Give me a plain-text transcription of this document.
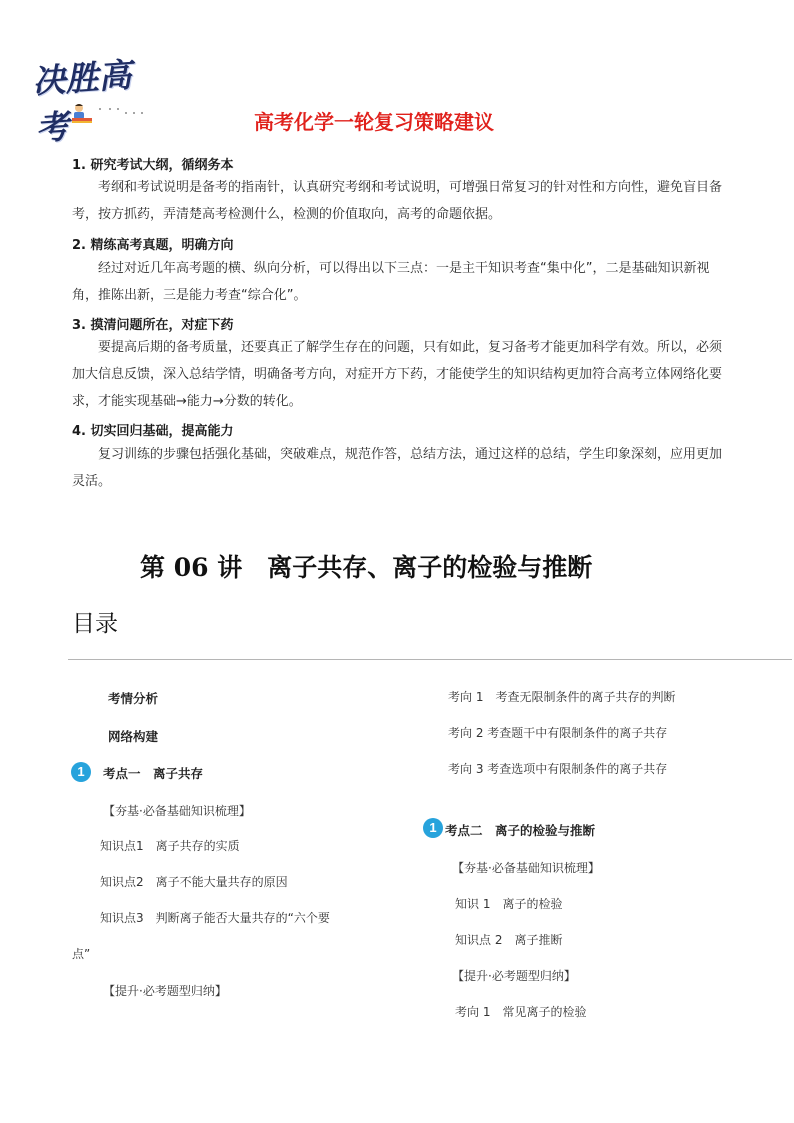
决胜高考	高考化学一轮复习策略建议
1. 研究考试大纲，循纲务本
考纲和考试说明是备考的指南针，认真研究考纲和考试说明，可增强日常复习的针对性和方向性，避免盲目备考，按方抓药，弄清楚高考检测什么，检测的价值取向，高考的命题依据。
2. 精练高考真题，明确方向
经过对近几年高考题的横、纵向分析，可以得出以下三点：一是主干知识考查“集中化”，二是基础知识新视角，推陈出新，三是能力考查“综合化”。
3. 摸清问题所在，对症下药
要提高后期的备考质量，还要真正了解学生存在的问题，只有如此，复习备考才能更加科学有效。所以，必须加大信息反馈，深入总结学情，明确备考方向，对症开方下药，才能使学生的知识结构更加符合高考立体网络化要求，才能实现基础→能力→分数的转化。
4. 切实回归基础，提高能力
复习训练的步骤包括强化基础，突破难点，规范作答，总结方法，通过这样的总结，学生印象深刻，应用更加灵活。
第 06 讲　离子共存、离子的检验与推断
目录
考情分析
网络构建
1	考点一　离子共存
【夯基·必备基础知识梳理】
知识点1　离子共存的实质
知识点2　离子不能大量共存的原因
知识点3　判断离子能否大量共存的“六个要
点”
【提升·必考题型归纳】
考向 1　考查无限制条件的离子共存的判断
考向 2 考查题干中有限制条件的离子共存
考向 3 考查选项中有限制条件的离子共存
1 考点二　离子的检验与推断
【夯基·必备基础知识梳理】
知识 1　离子的检验
知识点 2　离子推断
【提升·必考题型归纳】
考向 1　常见离子的检验
